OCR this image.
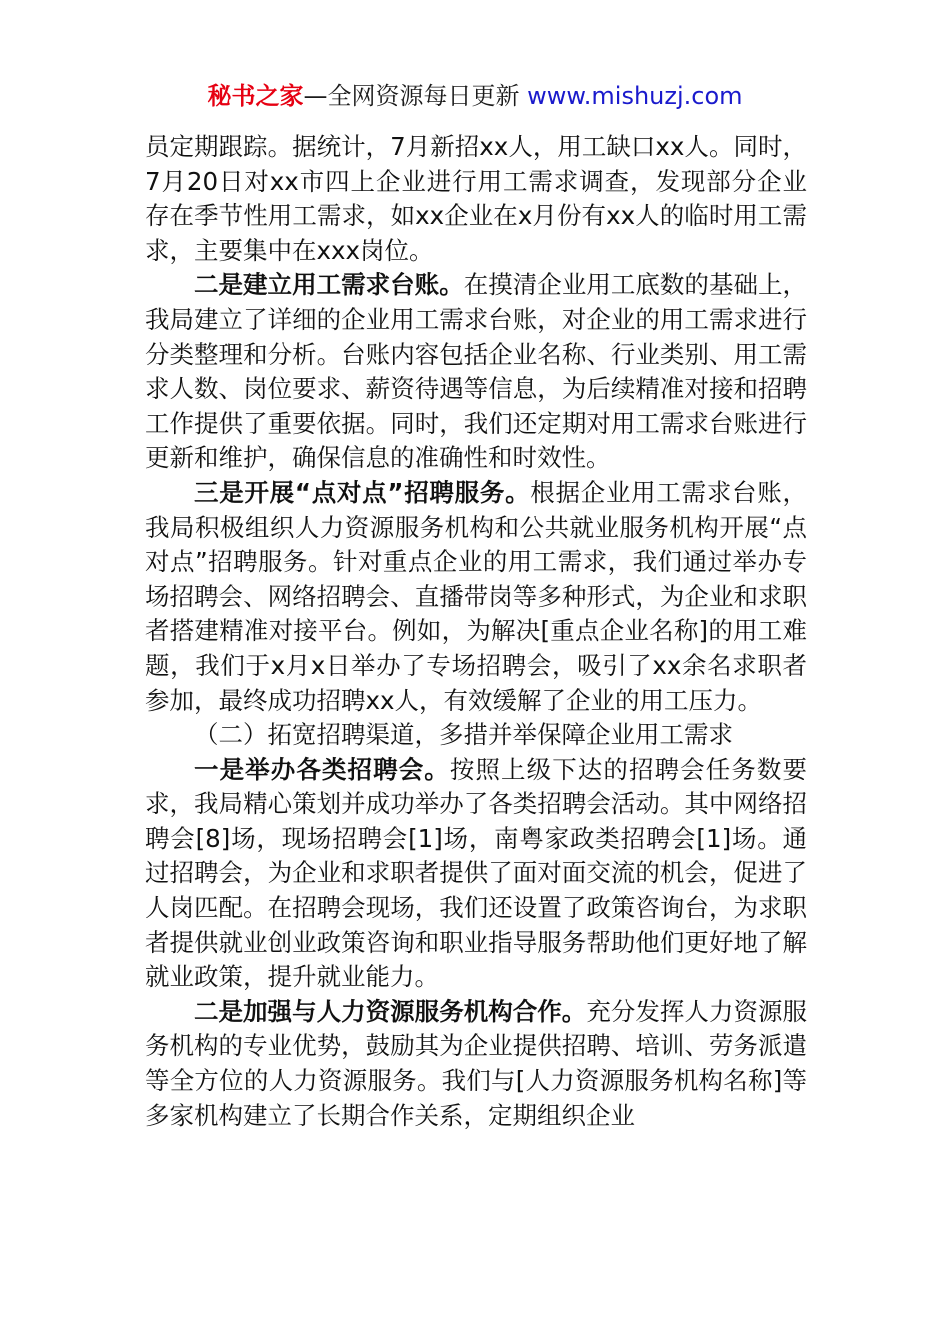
秘书之家—全网资源每日更新 www.mishuzj.com

员定期跟踪。据统计，7月新招xx人，用工缺口xx人。同时，7月20日对xx市四上企业进行用工需求调查，发现部分企业存在季节性用工需求，如xx企业在x月份有xx人的临时用工需求，主要集中在xxx岗位。

二是建立用工需求台账。在摸清企业用工底数的基础上，我局建立了详细的企业用工需求台账，对企业的用工需求进行分类整理和分析。台账内容包括企业名称、行业类别、用工需求人数、岗位要求、薪资待遇等信息，为后续精准对接和招聘工作提供了重要依据。同时，我们还定期对用工需求台账进行更新和维护，确保信息的准确性和时效性。

三是开展“点对点”招聘服务。根据企业用工需求台账，我局积极组织人力资源服务机构和公共就业服务机构开展“点对点”招聘服务。针对重点企业的用工需求，我们通过举办专场招聘会、网络招聘会、直播带岗等多种形式，为企业和求职者搭建精准对接平台。例如，为解决[重点企业名称]的用工难题，我们于x月x日举办了专场招聘会，吸引了xx余名求职者参加，最终成功招聘xx人，有效缓解了企业的用工压力。

（二）拓宽招聘渠道，多措并举保障企业用工需求

一是举办各类招聘会。按照上级下达的招聘会任务数要求，我局精心策划并成功举办了各类招聘会活动。其中网络招聘会[8]场，现场招聘会[1]场，南粤家政类招聘会[1]场。通过招聘会，为企业和求职者提供了面对面交流的机会，促进了人岗匹配。在招聘会现场，我们还设置了政策咨询台，为求职者提供就业创业政策咨询和职业指导服务帮助他们更好地了解就业政策，提升就业能力。

二是加强与人力资源服务机构合作。充分发挥人力资源服务机构的专业优势，鼓励其为企业提供招聘、培训、劳务派遣等全方位的人力资源服务。我们与[人力资源服务机构名称]等多家机构建立了长期合作关系，定期组织企业
